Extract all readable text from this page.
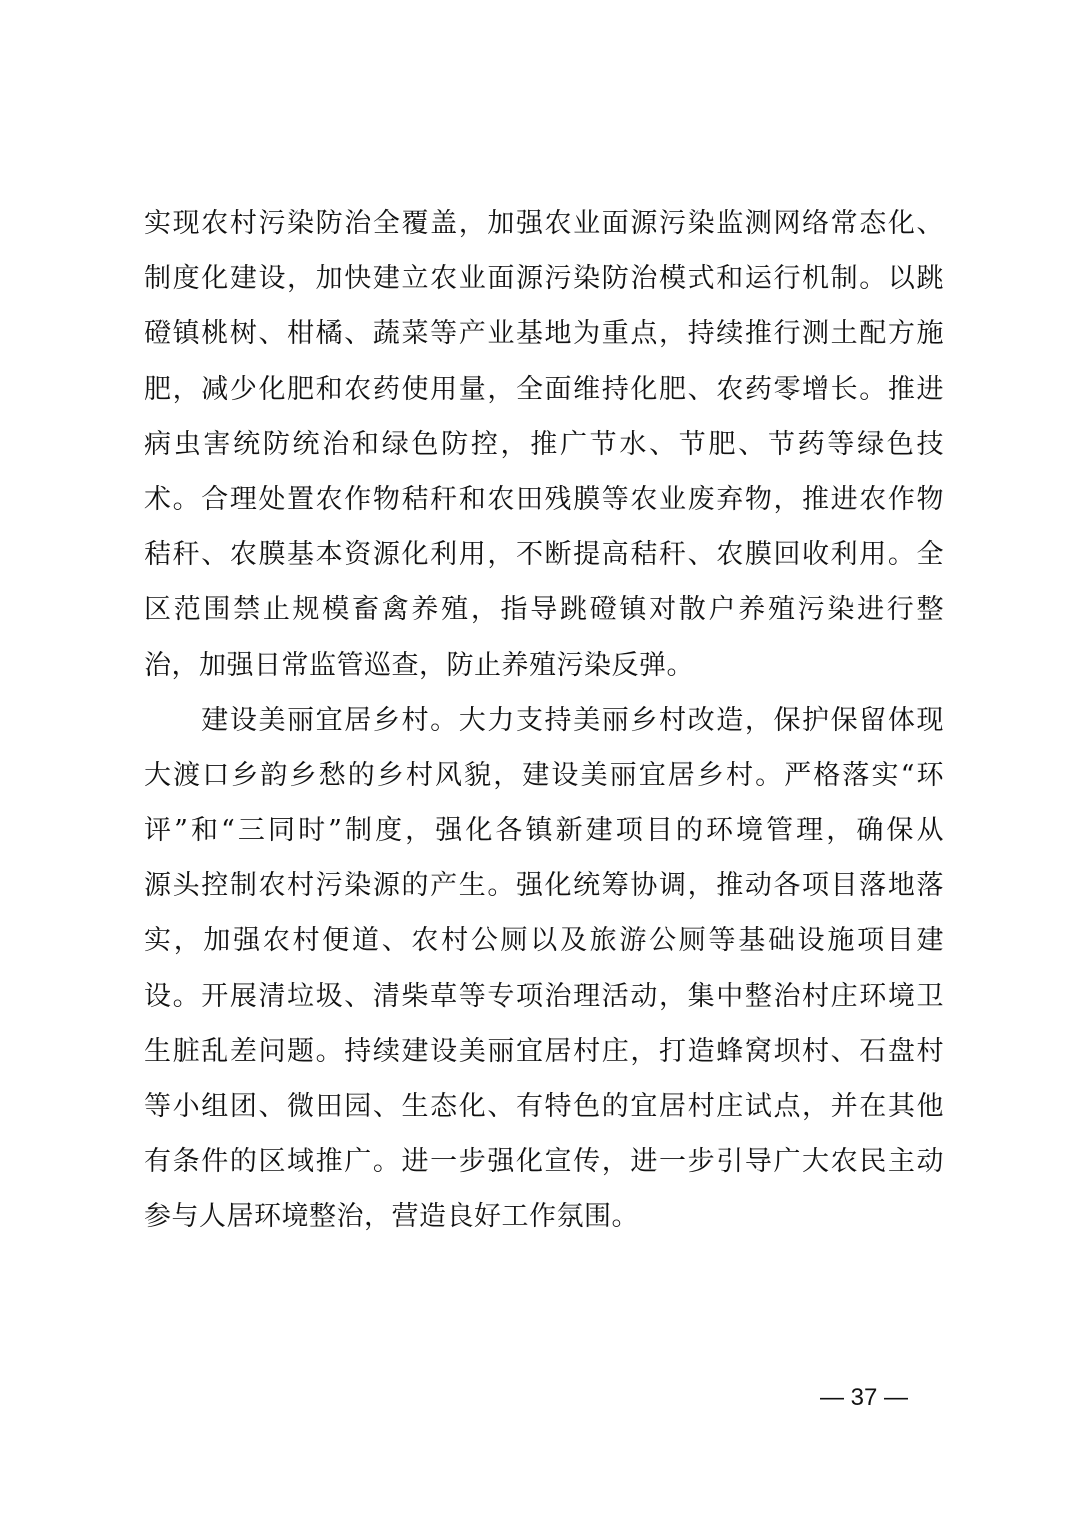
实现农村污染防治全覆盖，加强农业面源污染监测网络常态化、
制度化建设，加快建立农业面源污染防治模式和运行机制。以跳
磴镇桃树、柑橘、蔬菜等产业基地为重点，持续推行测土配方施
肥，减少化肥和农药使用量，全面维持化肥、农药零增长。推进
病虫害统防统治和绿色防控，推广节水、节肥、节药等绿色技
术。合理处置农作物秸秆和农田残膜等农业废弃物，推进农作物
秸秆、农膜基本资源化利用，不断提高秸秆、农膜回收利用。全
区范围禁止规模畜禽养殖，指导跳磴镇对散户养殖污染进行整
治，加强日常监管巡查，防止养殖污染反弹。
　　建设美丽宜居乡村。大力支持美丽乡村改造，保护保留体现
大渡口乡韵乡愁的乡村风貌，建设美丽宜居乡村。严格落实“环
评”和“三同时”制度，强化各镇新建项目的环境管理，确保从
源头控制农村污染源的产生。强化统筹协调，推动各项目落地落
实，加强农村便道、农村公厕以及旅游公厕等基础设施项目建
设。开展清垃圾、清柴草等专项治理活动，集中整治村庄环境卫
生脏乱差问题。持续建设美丽宜居村庄，打造蜂窝坝村、石盘村
等小组团、微田园、生态化、有特色的宜居村庄试点，并在其他
有条件的区域推广。进一步强化宣传，进一步引导广大农民主动
参与人居环境整治，营造良好工作氛围。
— 37 —
